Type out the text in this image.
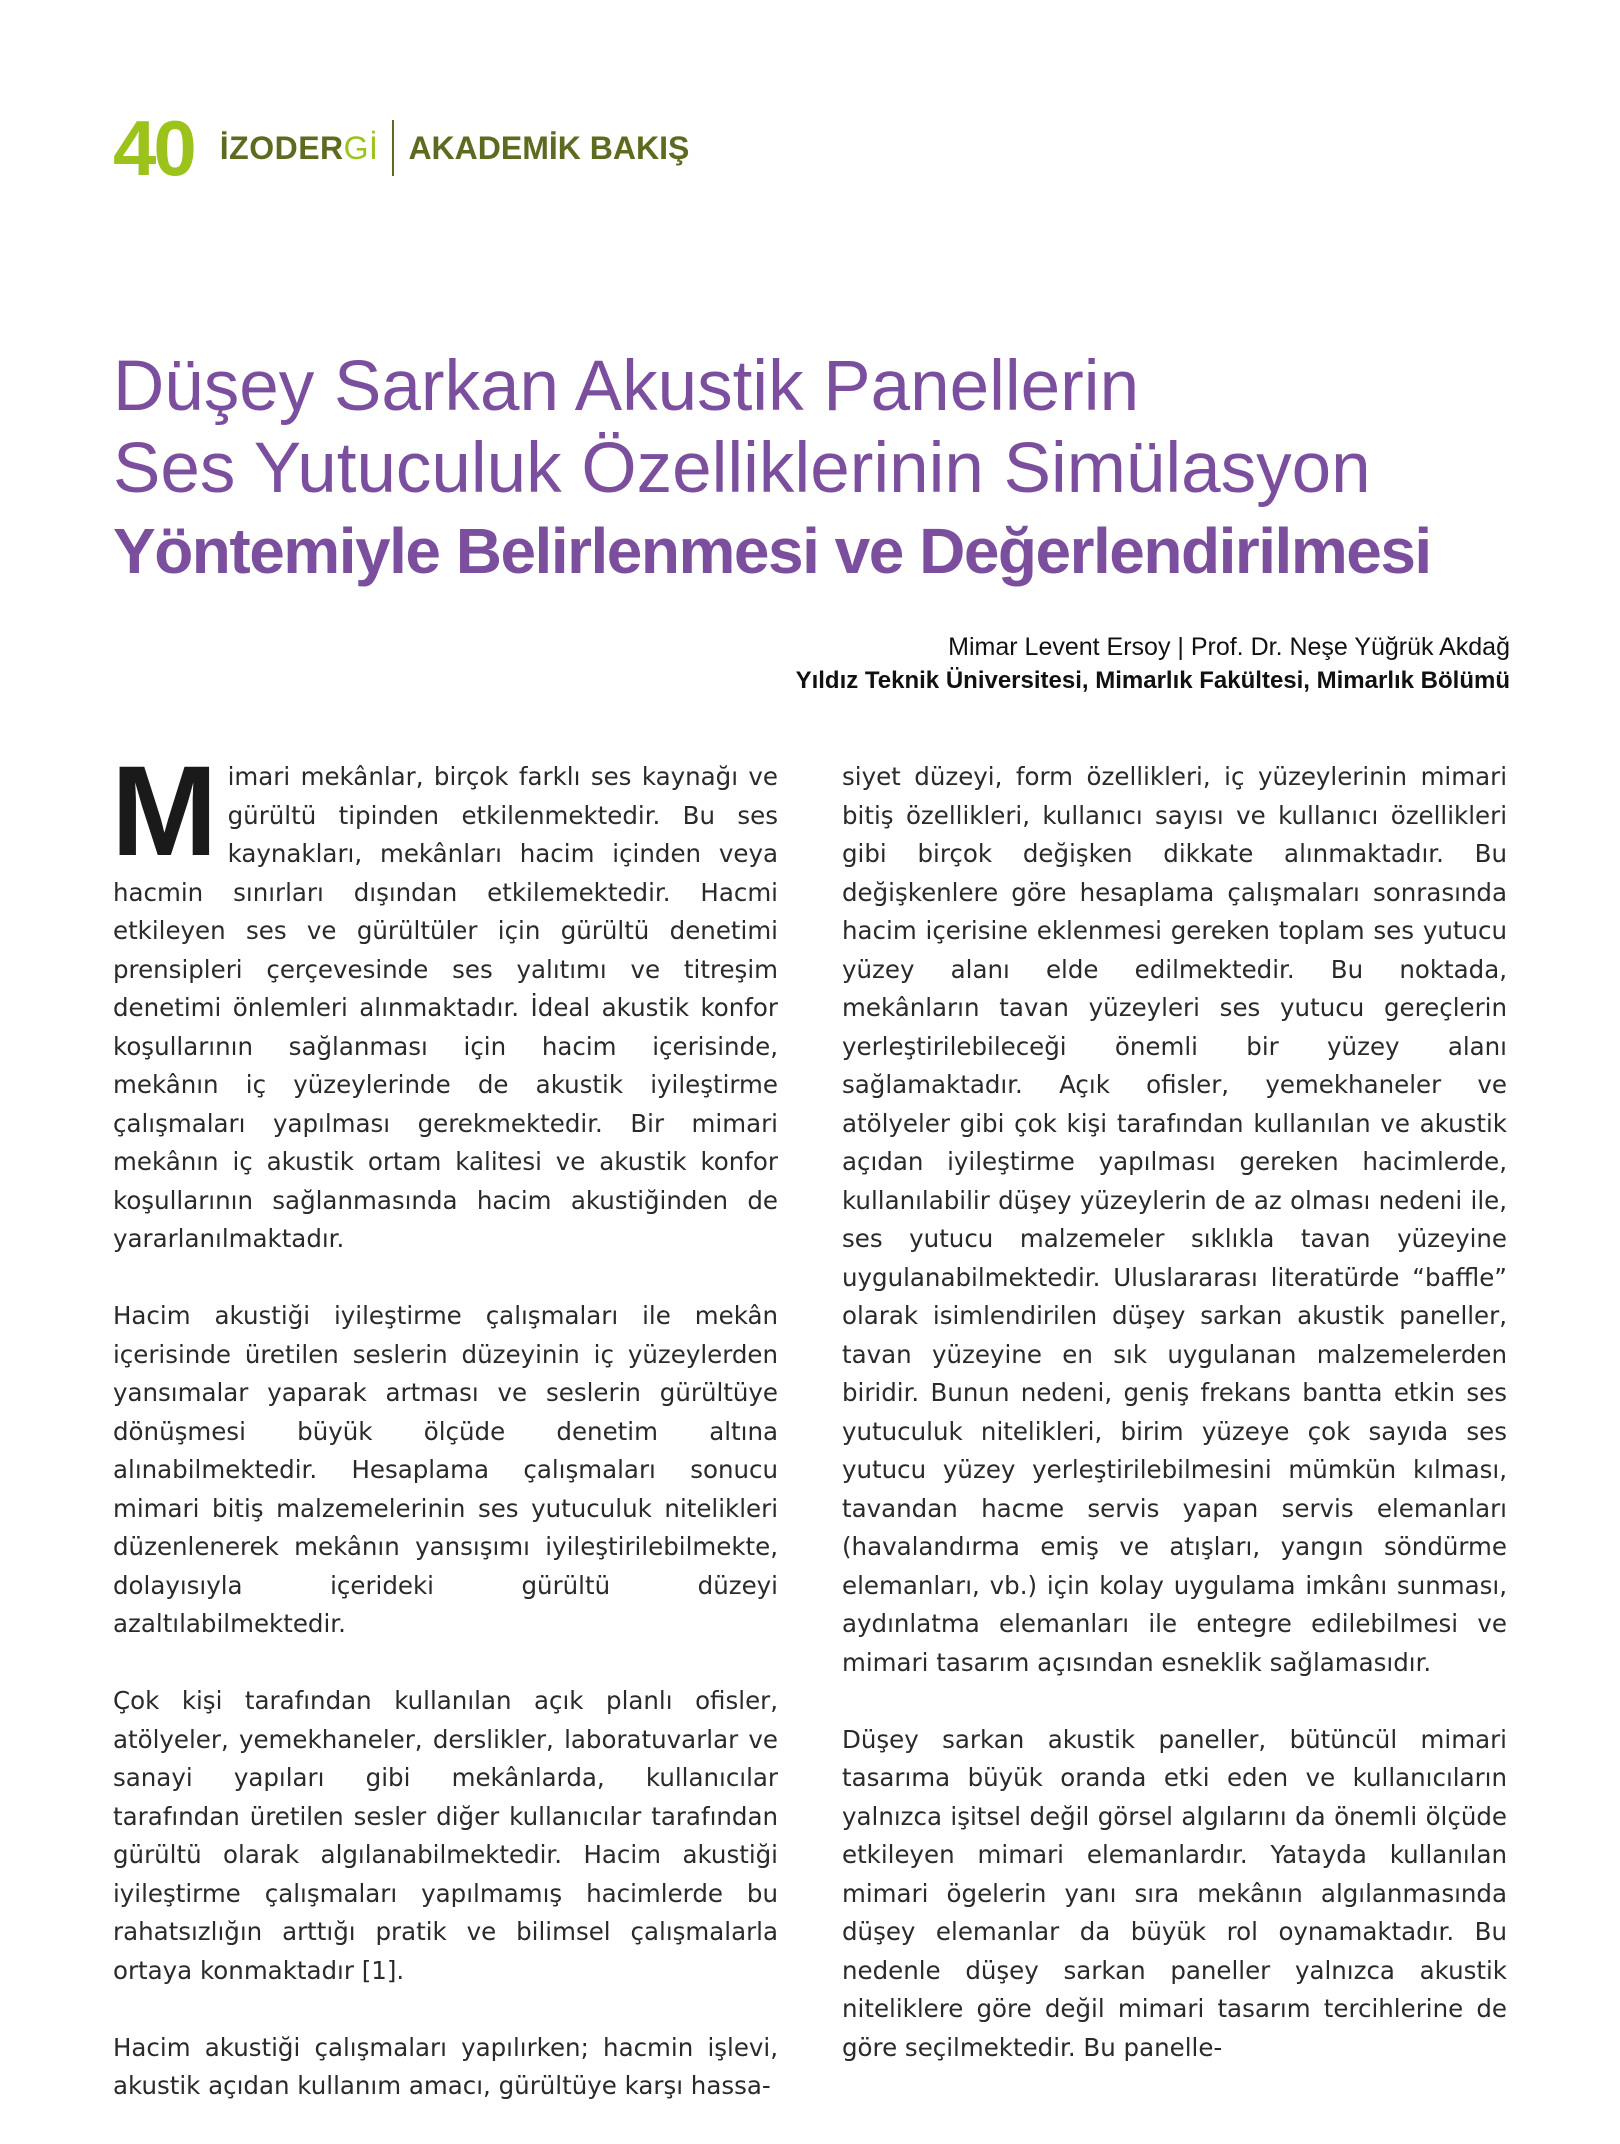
40 İZODERGİ AKADEMİK BAKIŞ
Düşey Sarkan Akustik Panellerin
Ses Yutuculuk Özelliklerinin Simülasyon
Yöntemiyle Belirlenmesi ve Değerlendirilmesi
Mimar Levent Ersoy | Prof. Dr. Neşe Yüğrük Akdağ
Yıldız Teknik Üniversitesi, Mimarlık Fakültesi, Mimarlık Bölümü

Mimari mekânlar, birçok farklı ses kaynağı ve gürültü tipinden etkilenmektedir. Bu ses kaynakları, mekânları hacim içinden veya hacmin sınırları dışından etkilemektedir. Hacmi etkileyen ses ve gürültüler için gürültü denetimi prensipleri çerçevesinde ses yalıtımı ve titreşim denetimi önlemleri alınmaktadır. İdeal akustik konfor koşullarının sağlanması için hacim içerisinde, mekânın iç yüzeylerinde de akustik iyileştirme çalışmaları yapılması gerekmektedir. Bir mimari mekânın iç akustik ortam kalitesi ve akustik konfor koşullarının sağlanmasında hacim akustiğinden de yararlanılmaktadır.

Hacim akustiği iyileştirme çalışmaları ile mekân içerisinde üretilen seslerin düzeyinin iç yüzeylerden yansımalar yaparak artması ve seslerin gürültüye dönüşmesi büyük ölçüde denetim altına alınabilmektedir. Hesaplama çalışmaları sonucu mimari bitiş malzemelerinin ses yutuculuk nitelikleri düzenlenerek mekânın yansışımı iyileştirilebilmekte, dolayısıyla içerideki gürültü düzeyi azaltılabilmektedir.

Çok kişi tarafından kullanılan açık planlı ofisler, atölyeler, yemekhaneler, derslikler, laboratuvarlar ve sanayi yapıları gibi mekânlarda, kullanıcılar tarafından üretilen sesler diğer kullanıcılar tarafından gürültü olarak algılanabilmektedir. Hacim akustiği iyileştirme çalışmaları yapılmamış hacimlerde bu rahatsızlığın arttığı pratik ve bilimsel çalışmalarla ortaya konmaktadır [1].

Hacim akustiği çalışmaları yapılırken; hacmin işlevi, akustik açıdan kullanım amacı, gürültüye karşı hassa-

siyet düzeyi, form özellikleri, iç yüzeylerinin mimari bitiş özellikleri, kullanıcı sayısı ve kullanıcı özellikleri gibi birçok değişken dikkate alınmaktadır. Bu değişkenlere göre hesaplama çalışmaları sonrasında hacim içerisine eklenmesi gereken toplam ses yutucu yüzey alanı elde edilmektedir. Bu noktada, mekânların tavan yüzeyleri ses yutucu gereçlerin yerleştirilebileceği önemli bir yüzey alanı sağlamaktadır. Açık ofisler, yemekhaneler ve atölyeler gibi çok kişi tarafından kullanılan ve akustik açıdan iyileştirme yapılması gereken hacimlerde, kullanılabilir düşey yüzeylerin de az olması nedeni ile, ses yutucu malzemeler sıklıkla tavan yüzeyine uygulanabilmektedir. Uluslararası literatürde “baffle” olarak isimlendirilen düşey sarkan akustik paneller, tavan yüzeyine en sık uygulanan malzemelerden biridir. Bunun nedeni, geniş frekans bantta etkin ses yutuculuk nitelikleri, birim yüzeye çok sayıda ses yutucu yüzey yerleştirilebilmesini mümkün kılması, tavandan hacme servis yapan servis elemanları (havalandırma emiş ve atışları, yangın söndürme elemanları, vb.) için kolay uygulama imkânı sunması, aydınlatma elemanları ile entegre edilebilmesi ve mimari tasarım açısından esneklik sağlamasıdır.

Düşey sarkan akustik paneller, bütüncül mimari tasarıma büyük oranda etki eden ve kullanıcıların yalnızca işitsel değil görsel algılarını da önemli ölçüde etkileyen mimari elemanlardır. Yatayda kullanılan mimari ögelerin yanı sıra mekânın algılanmasında düşey elemanlar da büyük rol oynamaktadır. Bu nedenle düşey sarkan paneller yalnızca akustik niteliklere göre değil mimari tasarım tercihlerine de göre seçilmektedir. Bu panelle-
